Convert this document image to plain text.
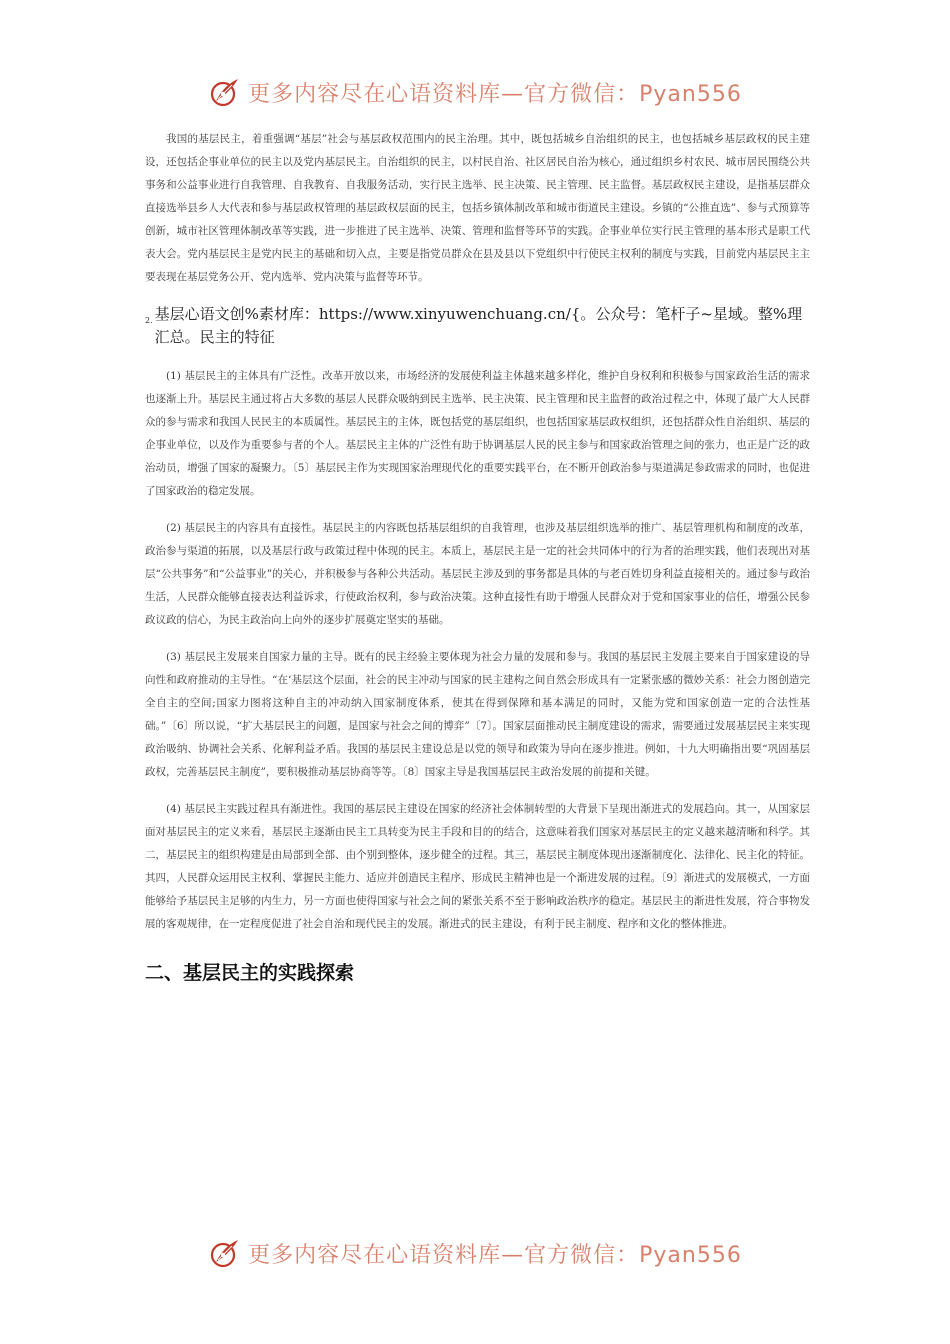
更多内容尽在心语资料库—官方微信：Pyan556

我国的基层民主，着重强调“基层”社会与基层政权范围内的民主治理。其中，既包括城乡自治组织的民主，也包括城乡基层政权的民主建设，还包括企事业单位的民主以及党内基层民主。自治组织的民主，以村民自治、社区居民自治为核心，通过组织乡村农民、城市居民围绕公共事务和公益事业进行自我管理、自我教育、自我服务活动，实行民主选举、民主决策、民主管理、民主监督。基层政权民主建设，是指基层群众直接选举县乡人大代表和参与基层政权管理的基层政权层面的民主，包括乡镇体制改革和城市街道民主建设。乡镇的“公推直选”、参与式预算等创新，城市社区管理体制改革等实践，进一步推进了民主选举、决策、管理和监督等环节的实践。企事业单位实行民主管理的基本形式是职工代表大会。党内基层民主是党内民主的基础和切入点，主要是指党员群众在县及县以下党组织中行使民主权利的制度与实践，目前党内基层民主主要表现在基层党务公开、党内选举、党内决策与监督等环节。

2. 基层心语文创%素材库：https://www.xinyuwenchuang.cn/{。公众号：笔杆子~星域。整%理汇总。民主的特征

(1) 基层民主的主体具有广泛性。改革开放以来，市场经济的发展使利益主体越来越多样化，维护自身权利和积极参与国家政治生活的需求也逐渐上升。基层民主通过将占大多数的基层人民群众吸纳到民主选举、民主决策、民主管理和民主监督的政治过程之中，体现了最广大人民群众的参与需求和我国人民民主的本质属性。基层民主的主体，既包括党的基层组织，也包括国家基层政权组织，还包括群众性自治组织、基层的企事业单位，以及作为重要参与者的个人。基层民主主体的广泛性有助于协调基层人民的民主参与和国家政治管理之间的张力，也正是广泛的政治动员，增强了国家的凝聚力。〔5〕基层民主作为实现国家治理现代化的重要实践平台，在不断开创政治参与渠道满足参政需求的同时，也促进了国家政治的稳定发展。

(2) 基层民主的内容具有直接性。基层民主的内容既包括基层组织的自我管理，也涉及基层组织选举的推广、基层管理机构和制度的改革，政治参与渠道的拓展，以及基层行政与政策过程中体现的民主。本质上，基层民主是一定的社会共同体中的行为者的治理实践，他们表现出对基层“公共事务”和“公益事业”的关心，并积极参与各种公共活动。基层民主涉及到的事务都是具体的与老百姓切身利益直接相关的。通过参与政治生活，人民群众能够直接表达利益诉求，行使政治权利，参与政治决策。这种直接性有助于增强人民群众对于党和国家事业的信任，增强公民参政议政的信心，为民主政治向上向外的逐步扩展奠定坚实的基础。

(3) 基层民主发展来自国家力量的主导。既有的民主经验主要体现为社会力量的发展和参与。我国的基层民主发展主要来自于国家建设的导向性和政府推动的主导性。“在‘基层这个层面，社会的民主冲动与国家的民主建构之间自然会形成具有一定紧张感的微妙关系：社会力图创造完全自主的空间;国家力图将这种自主的冲动纳入国家制度体系，使其在得到保障和基本满足的同时，又能为党和国家创造一定的合法性基础。”〔6〕所以说，“扩大基层民主的问题，是国家与社会之间的博弈”〔7〕。国家层面推动民主制度建设的需求，需要通过发展基层民主来实现政治吸纳、协调社会关系、化解利益矛盾。我国的基层民主建设总是以党的领导和政策为导向在逐步推进。例如，十九大明确指出要“巩固基层政权，完善基层民主制度”，要积极推动基层协商等等。〔8〕国家主导是我国基层民主政治发展的前提和关键。

(4) 基层民主实践过程具有渐进性。我国的基层民主建设在国家的经济社会体制转型的大背景下呈现出渐进式的发展趋向。其一，从国家层面对基层民主的定义来看，基层民主逐渐由民主工具转变为民主手段和目的的结合，这意味着我们国家对基层民主的定义越来越清晰和科学。其二，基层民主的组织构建是由局部到全部、由个别到整体，逐步健全的过程。其三，基层民主制度体现出逐渐制度化、法律化、民主化的特征。其四，人民群众运用民主权利、掌握民主能力、适应并创造民主程序、形成民主精神也是一个渐进发展的过程。〔9〕渐进式的发展模式，一方面能够给予基层民主足够的内生力，另一方面也使得国家与社会之间的紧张关系不至于影响政治秩序的稳定。基层民主的渐进性发展，符合事物发展的客观规律，在一定程度促进了社会自治和现代民主的发展。渐进式的民主建设，有利于民主制度、程序和文化的整体推进。

二、基层民主的实践探索
更多内容尽在心语资料库—官方微信：Pyan556
